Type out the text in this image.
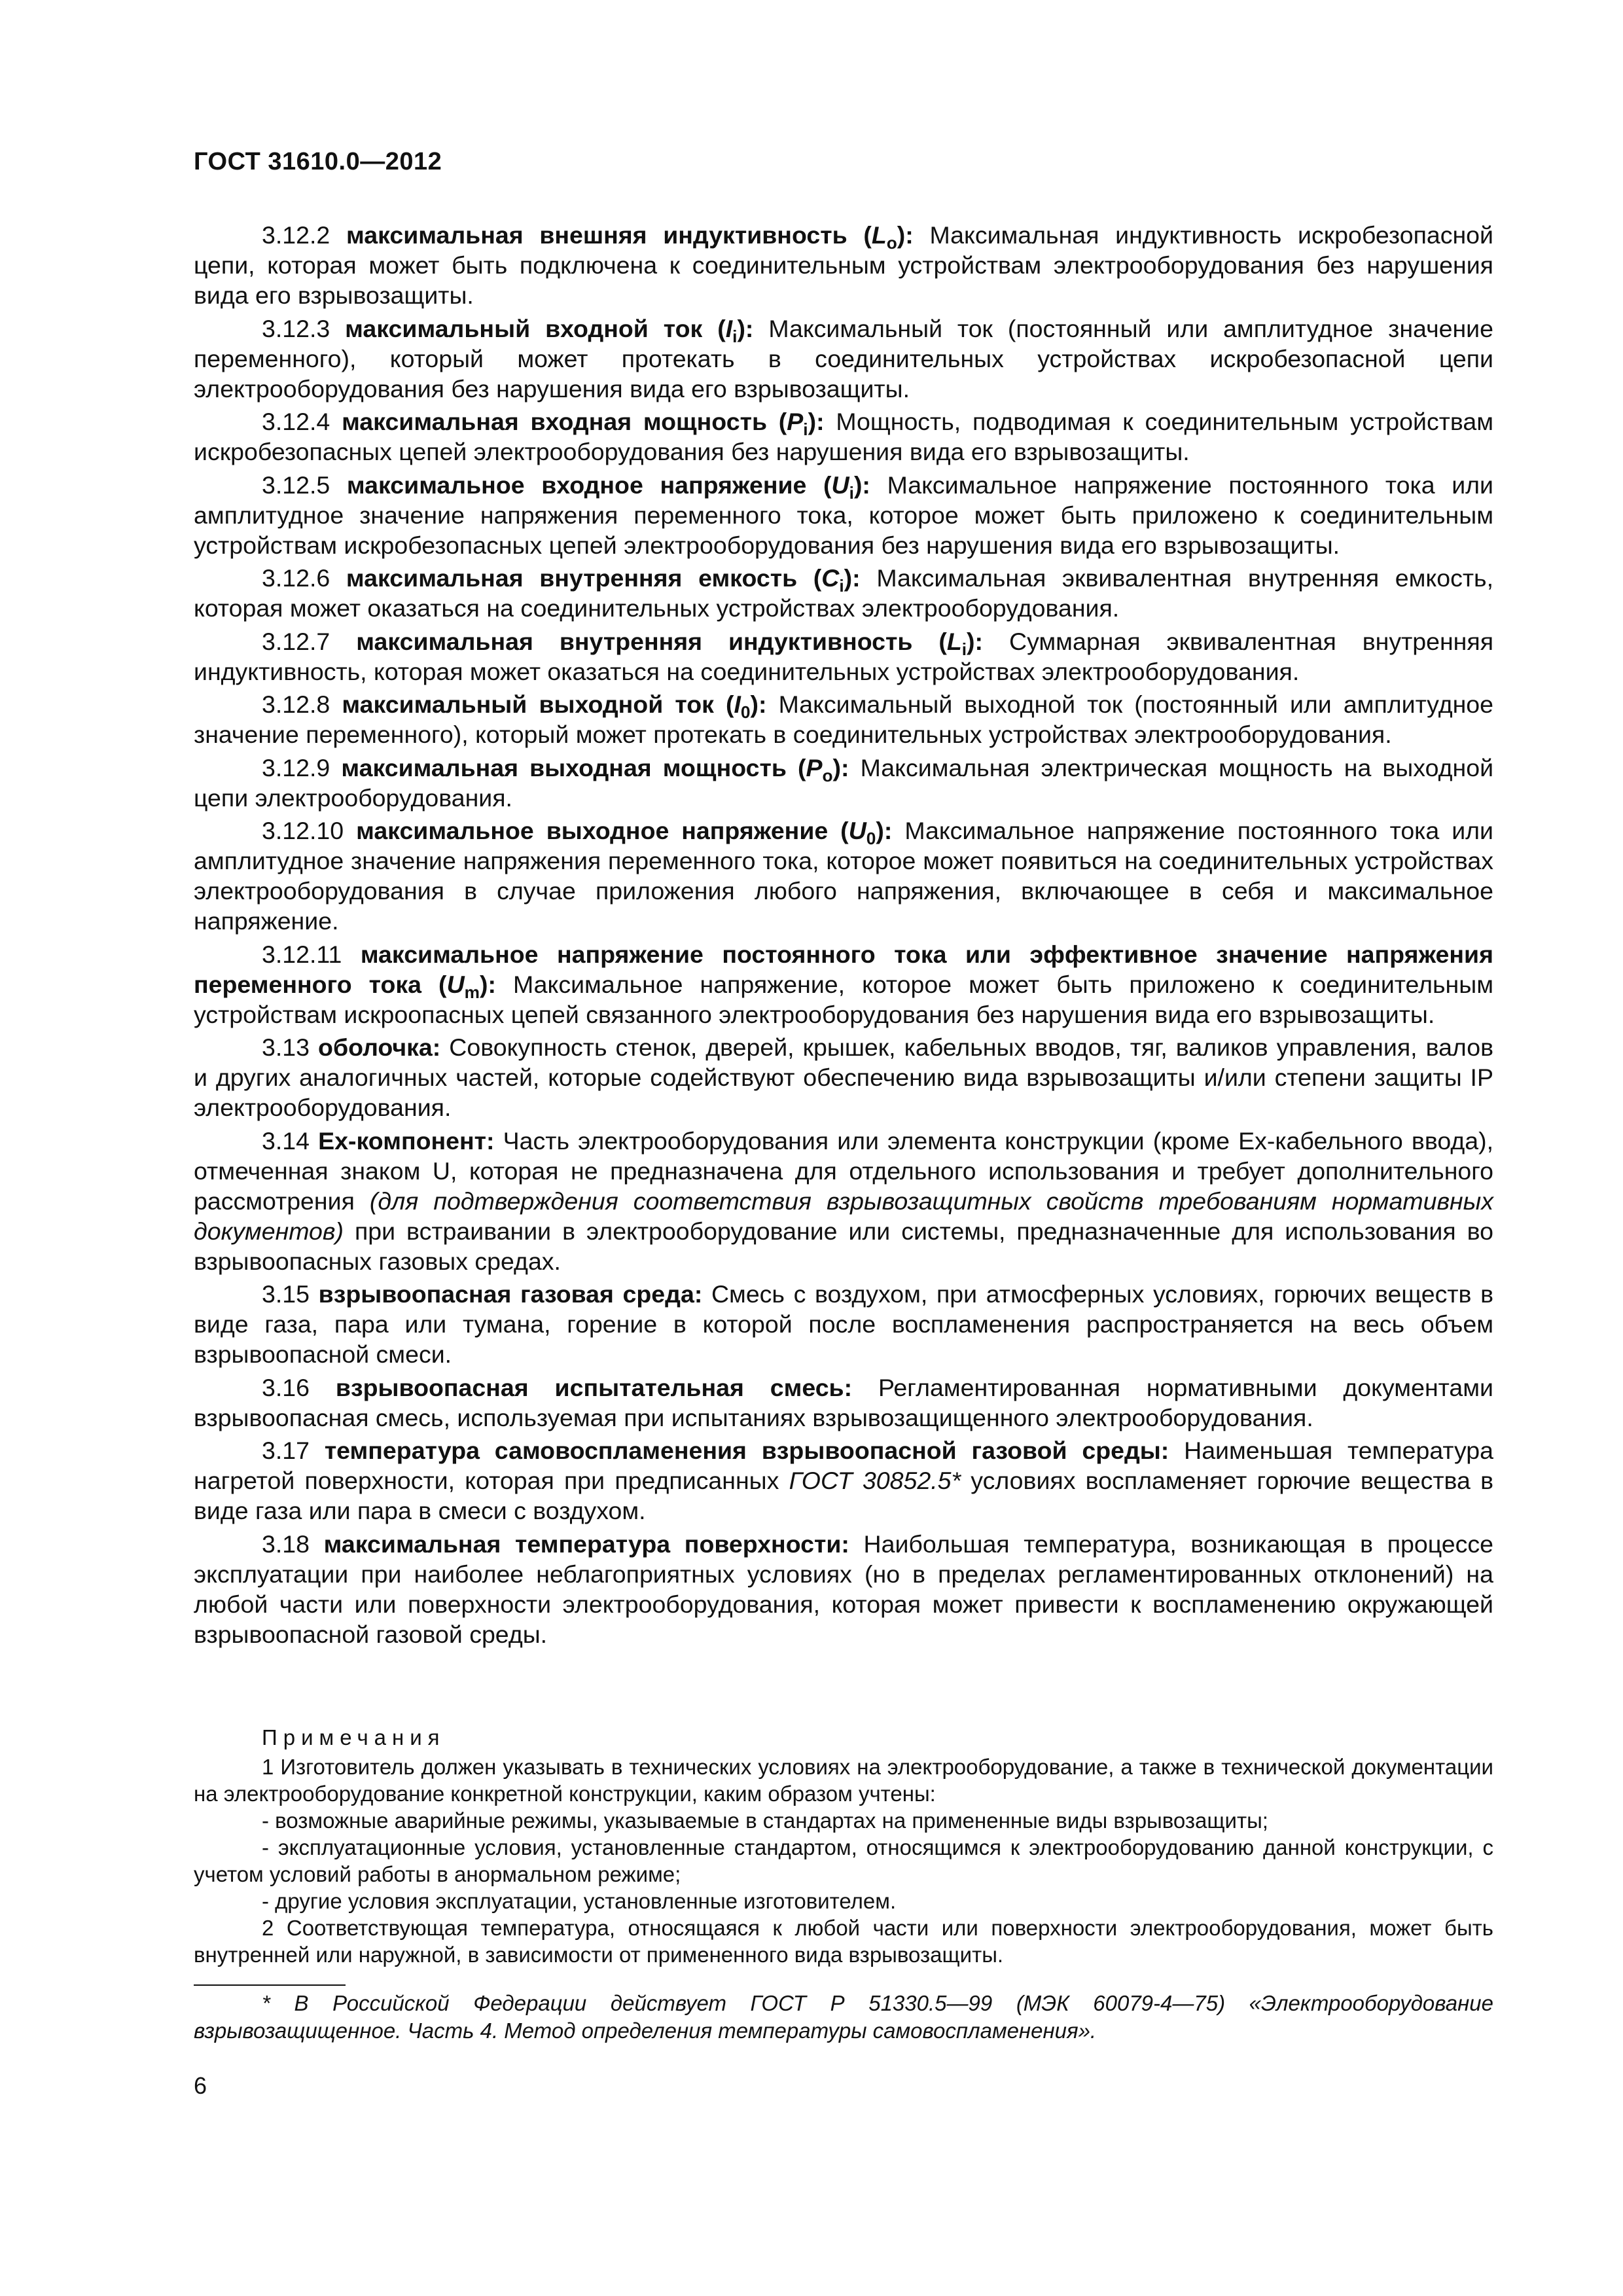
ГОСТ 31610.0—2012

3.12.2 максимальная внешняя индуктивность $(L_o)$: Максимальная индуктивность искробезопасной цепи, которая может быть подключена к соединительным устройствам электрооборудования без нарушения вида его взрывозащиты.

3.12.3 максимальный входной ток $(I_i)$: Максимальный ток (постоянный или амплитудное значение переменного), который может протекать в соединительных устройствах искробезопасной цепи электрооборудования без нарушения вида его взрывозащиты.

3.12.4 максимальная входная мощность $(P_i)$: Мощность, подводимая к соединительным устройствам искробезопасных цепей электрооборудования без нарушения вида его взрывозащиты.

3.12.5 максимальное входное напряжение $(U_i)$: Максимальное напряжение постоянного тока или амплитудное значение напряжения переменного тока, которое может быть приложено к соединительным устройствам искробезопасных цепей электрооборудования без нарушения вида его взрывозащиты.

3.12.6 максимальная внутренняя емкость $(C_i)$: Максимальная эквивалентная внутренняя емкость, которая может оказаться на соединительных устройствах электрооборудования.

3.12.7 максимальная внутренняя индуктивность $(L_i)$: Суммарная эквивалентная внутренняя индуктивность, которая может оказаться на соединительных устройствах электрооборудования.

3.12.8 максимальный выходной ток $(I_0)$: Максимальный выходной ток (постоянный или амплитудное значение переменного), который может протекать в соединительных устройствах электрооборудования.

3.12.9 максимальная выходная мощность $(P_o)$: Максимальная электрическая мощность на выходной цепи электрооборудования.

3.12.10 максимальное выходное напряжение $(U_0)$: Максимальное напряжение постоянного тока или амплитудное значение напряжения переменного тока, которое может появиться на соединительных устройствах электрооборудования в случае приложения любого напряжения, включающее в себя и максимальное напряжение.

3.12.11 максимальное напряжение постоянного тока или эффективное значение напряжения переменного тока $(U_m)$: Максимальное напряжение, которое может быть приложено к соединительным устройствам искроопасных цепей связанного электрооборудования без нарушения вида его взрывозащиты.

3.13 оболочка: Совокупность стенок, дверей, крышек, кабельных вводов, тяг, валиков управления, валов и других аналогичных частей, которые содействуют обеспечению вида взрывозащиты и/или степени защиты IP электрооборудования.

3.14 Ex-компонент: Часть электрооборудования или элемента конструкции (кроме Ex-кабельного ввода), отмеченная знаком U, которая не предназначена для отдельного использования и требует дополнительного рассмотрения (для подтверждения соответствия взрывозащитных свойств требованиям нормативных документов) при встраивании в электрооборудование или системы, предназначенные для использования во взрывоопасных газовых средах.

3.15 взрывоопасная газовая среда: Смесь с воздухом, при атмосферных условиях, горючих веществ в виде газа, пара или тумана, горение в которой после воспламенения распространяется на весь объем взрывоопасной смеси.

3.16 взрывоопасная испытательная смесь: Регламентированная нормативными документами взрывоопасная смесь, используемая при испытаниях взрывозащищенного электрооборудования.

3.17 температура самовоспламенения взрывоопасной газовой среды: Наименьшая температура нагретой поверхности, которая при предписанных ГОСТ 30852.5* условиях воспламеняет горючие вещества в виде газа или пара в смеси с воздухом.

3.18 максимальная температура поверхности: Наибольшая температура, возникающая в процессе эксплуатации при наиболее неблагоприятных условиях (но в пределах регламентированных отклонений) на любой части или поверхности электрооборудования, которая может привести к воспламенению окружающей взрывоопасной газовой среды.

Примечания

1 Изготовитель должен указывать в технических условиях на электрооборудование, а также в технической документации на электрооборудование конкретной конструкции, каким образом учтены:

- возможные аварийные режимы, указываемые в стандартах на примененные виды взрывозащиты;

- эксплуатационные условия, установленные стандартом, относящимся к электрооборудованию данной конструкции, с учетом условий работы в анормальном режиме;

- другие условия эксплуатации, установленные изготовителем.

2 Соответствующая температура, относящаяся к любой части или поверхности электрооборудования, может быть внутренней или наружной, в зависимости от примененного вида взрывозащиты.

* В Российской Федерации действует ГОСТ Р 51330.5—99 (МЭК 60079-4—75) «Электрооборудование взрывозащищенное. Часть 4. Метод определения температуры самовоспламенения».

6
